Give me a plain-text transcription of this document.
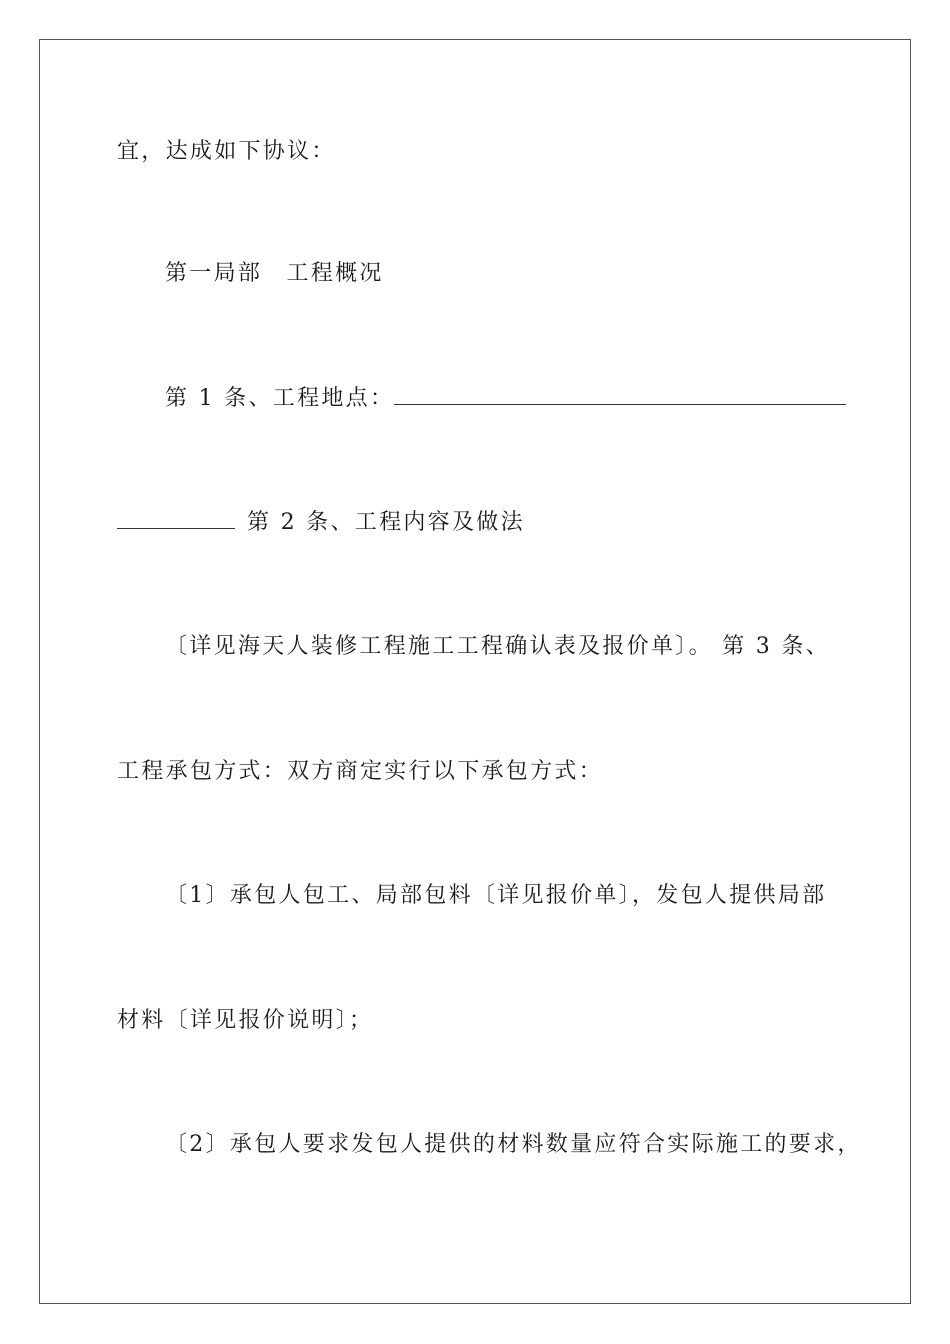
宜，达成如下协议：
第一局部　工程概况
第 1 条、工程地点：
第 2 条、工程内容及做法
〔详见海天人装修工程施工工程确认表及报价单〕。 第 3 条、
工程承包方式：双方商定实行以下承包方式：
〔1〕承包人包工、局部包料〔详见报价单〕，发包人提供局部
材料〔详见报价说明〕；
〔2〕承包人要求发包人提供的材料数量应符合实际施工的要求，
